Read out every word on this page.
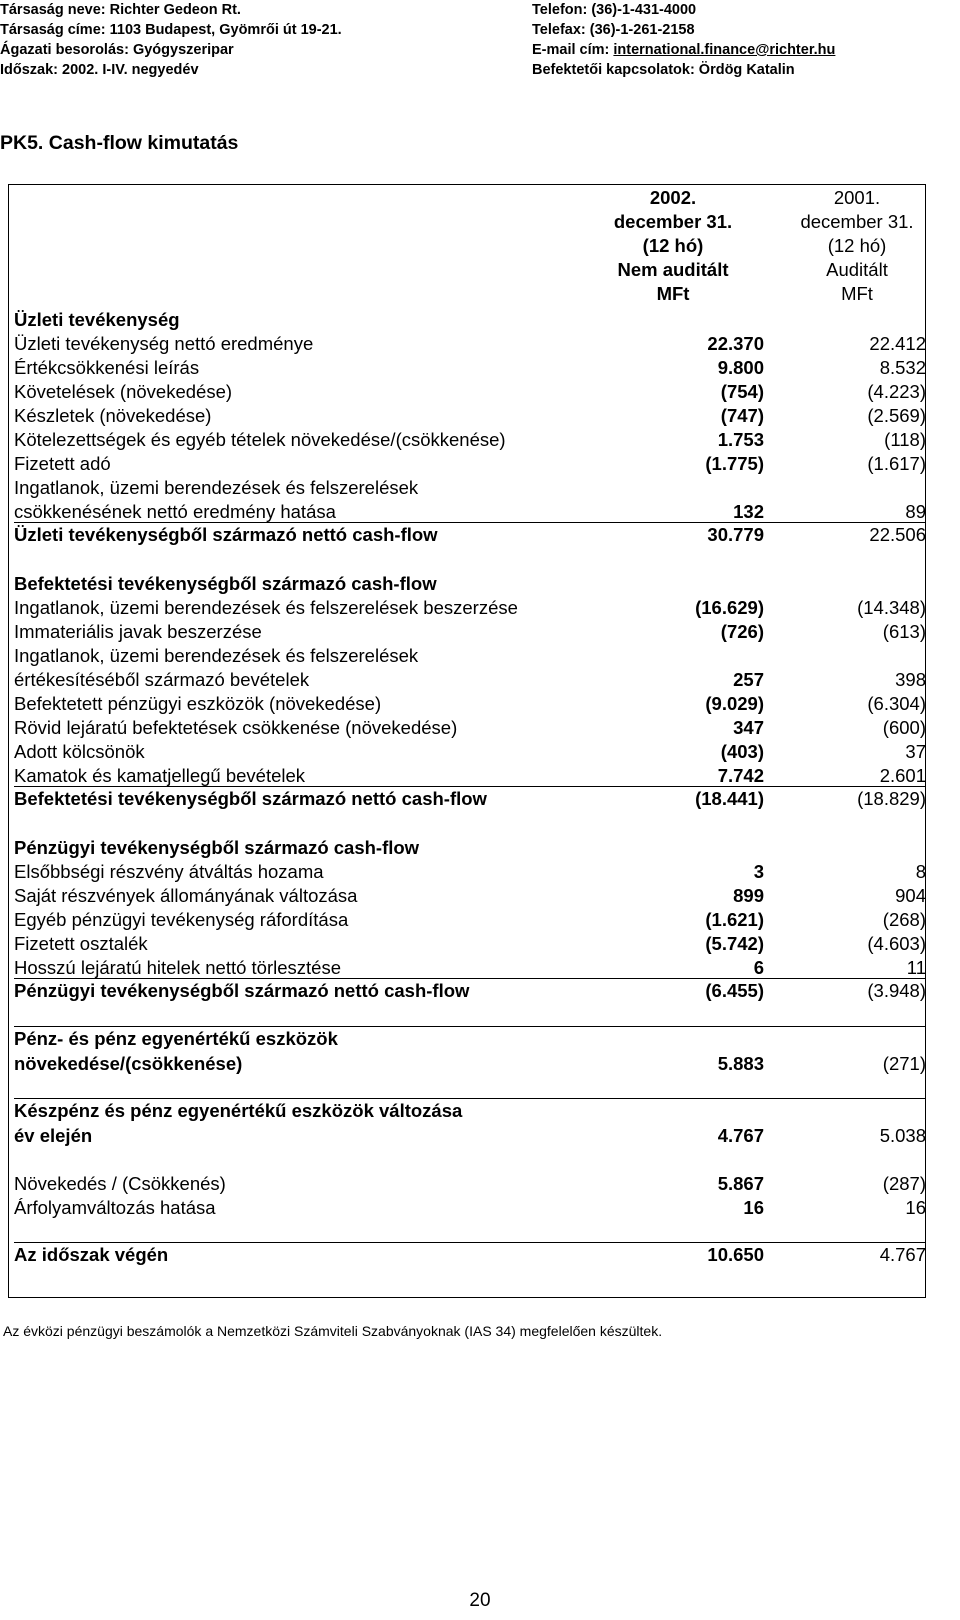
Társaság neve: Richter Gedeon Rt.
Társaság címe: 1103 Budapest, Gyömrői út 19-21.
Ágazati besorolás: Gyógyszeripar
Időszak: 2002. I-IV. negyedév
Telefon: (36)-1-431-4000
Telefax: (36)-1-261-2158
E-mail cím: international.finance@richter.hu
Befektetői kapcsolatok: Ördög Katalin
PK5. Cash-flow kimutatás
2002.
december 31.
(12 hó)
Nem auditált
MFt
2001.
december 31.
(12 hó)
Auditált
MFt
Üzleti tevékenység
Üzleti tevékenység nettó eredménye	22.370	22.412
Értékcsökkenési leírás	9.800	8.532
Követelések (növekedése)	(754)	(4.223)
Készletek (növekedése)	(747)	(2.569)
Kötelezettségek és egyéb tételek növekedése/(csökkenése)	1.753	(118)
Fizetett adó	(1.775)	(1.617)
Ingatlanok, üzemi berendezések és felszerelések
csökkenésének nettó eredmény hatása	132	89
Üzleti tevékenységből származó nettó cash-flow	30.779	22.506
Befektetési tevékenységből származó cash-flow
Ingatlanok, üzemi berendezések és felszerelések beszerzése	(16.629)	(14.348)
Immateriális javak beszerzése	(726)	(613)
Ingatlanok, üzemi berendezések és felszerelések
értékesítéséből származó bevételek	257	398
Befektetett pénzügyi eszközök (növekedése)	(9.029)	(6.304)
Rövid lejáratú befektetések csökkenése (növekedése)	347	(600)
Adott kölcsönök	(403)	37
Kamatok és kamatjellegű bevételek	7.742	2.601
Befektetési tevékenységből származó nettó cash-flow	(18.441)	(18.829)
Pénzügyi tevékenységből származó cash-flow
Elsőbbségi részvény átváltás hozama	3	8
Saját részvények állományának változása	899	904
Egyéb pénzügyi tevékenység ráfordítása	(1.621)	(268)
Fizetett osztalék	(5.742)	(4.603)
Hosszú lejáratú hitelek nettó törlesztése	6	11
Pénzügyi tevékenységből származó nettó cash-flow	(6.455)	(3.948)
Pénz- és pénz egyenértékű eszközök
növekedése/(csökkenése)	5.883	(271)
Készpénz és pénz egyenértékű eszközök változása
év elején	4.767	5.038
Növekedés / (Csökkenés)	5.867	(287)
Árfolyamváltozás hatása	16	16
Az időszak végén	10.650	4.767
Az évközi pénzügyi beszámolók a Nemzetközi Számviteli Szabványoknak (IAS 34) megfelelően készültek.
20
